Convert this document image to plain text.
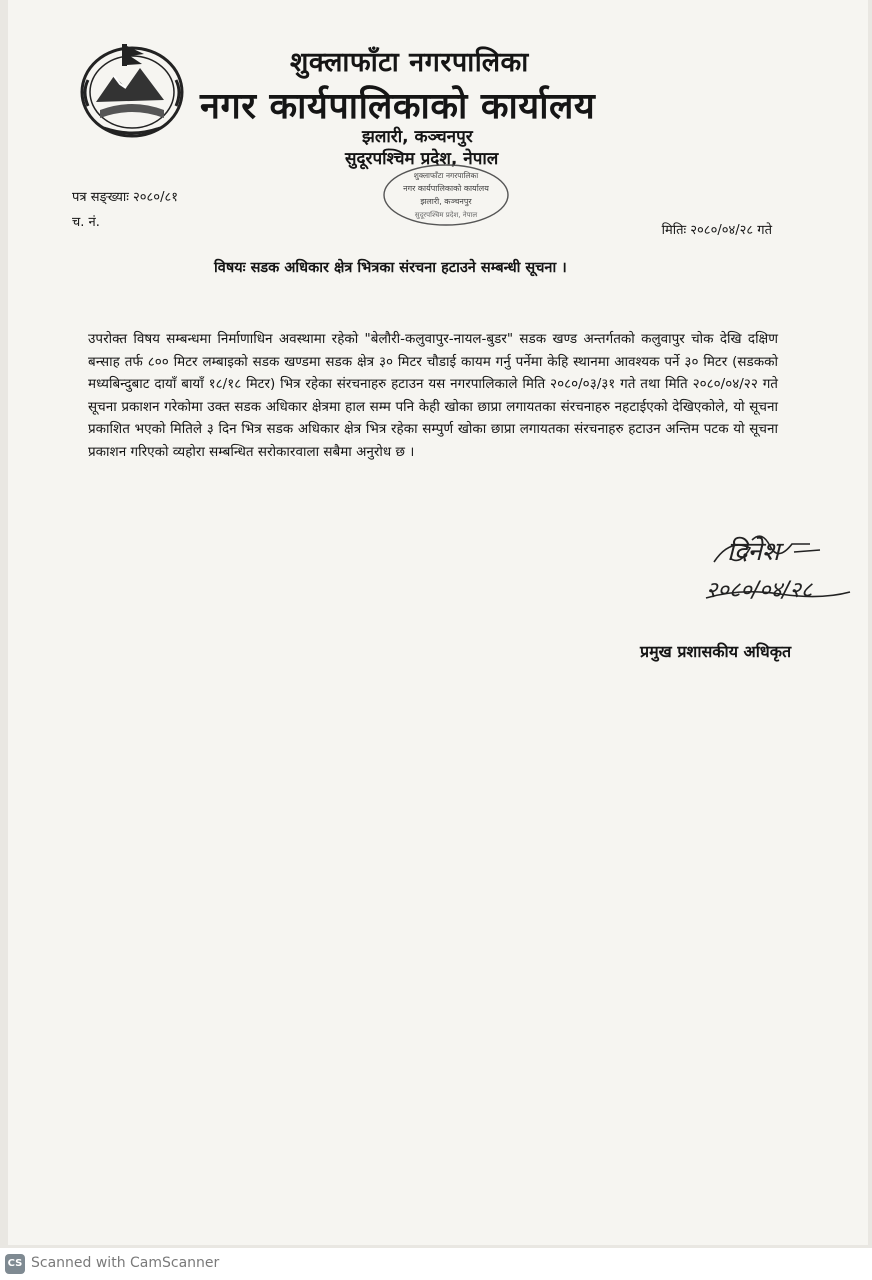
शुक्लाफाँटा नगरपालिका
नगर कार्यपालिकाको कार्यालय
झलारी, कञ्चनपुर
सुदूरपश्चिम प्रदेश, नेपाल
शुक्लाफाँटा नगरपालिका
नगर कार्यपालिकाको कार्यालय
झलारी, कञ्चनपुर
सुदूरपश्चिम प्रदेश, नेपाल
पत्र सङ्ख्याः २०८०/८१
च. नं.
मितिः २०८०/०४/२८ गते
विषयः सडक अधिकार क्षेत्र भित्रका संरचना हटाउने सम्बन्धी सूचना ।
उपरोक्त विषय सम्बन्धमा निर्माणाधिन अवस्थामा रहेको "बेलौरी-कलुवापुर-नायल-बुडर" सडक खण्ड अन्तर्गतको कलुवापुर चोक देखि दक्षिण बन्साह तर्फ ८०० मिटर लम्बाइको सडक खण्डमा सडक क्षेत्र ३० मिटर चौडाई कायम गर्नु पर्नेमा केहि स्थानमा आवश्यक पर्ने ३० मिटर (सडकको मध्यबिन्दुबाट दायाँ बायाँ १८/१८ मिटर) भित्र रहेका संरचनाहरु हटाउन यस नगरपालिकाले मिति २०८०/०३/३१ गते तथा मिति २०८०/०४/२२ गते सूचना प्रकाशन गरेकोमा उक्त सडक अधिकार क्षेत्रमा हाल सम्म पनि केही खोका छाप्रा लगायतका संरचनाहरु नहटाईएको देखिएकोले, यो सूचना प्रकाशित भएको मितिले ३ दिन भित्र सडक अधिकार क्षेत्र भित्र रहेका सम्पुर्ण खोका छाप्रा लगायतका संरचनाहरु हटाउन अन्तिम पटक यो सूचना प्रकाशन गरिएको व्यहोरा सम्बन्धित सरोकारवाला सबैमा अनुरोध छ ।
दिनेश
२०८०/०४/२८
प्रमुख प्रशासकीय अधिकृत
CS Scanned with CamScanner
